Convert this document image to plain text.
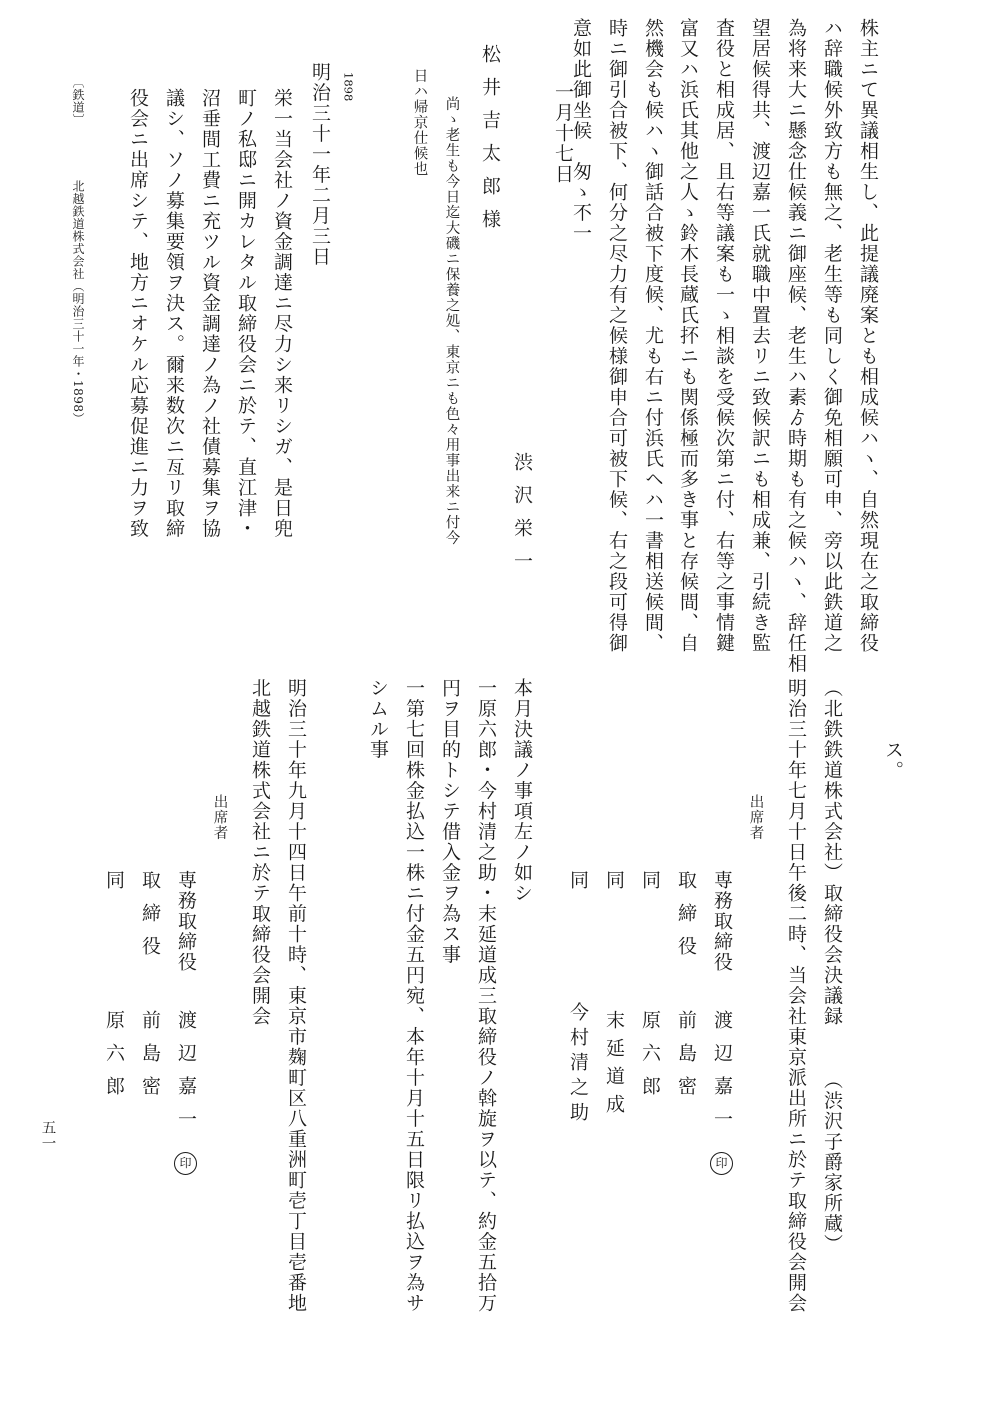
株主ニて異議相生し、此提議廃案とも相成候ハヽ、自然現在之取締役
ハ辞職候外致方も無之、老生等も同しく御免相願可申、旁以此鉄道之
為将来大ニ懸念仕候義ニ御座候、老生ハ素ゟ時期も有之候ハヽ、辞任相
望居候得共、渡辺嘉一氏就職中置去リニ致候訳ニも相成兼、引続き監
査役と相成居、且右等議案も一ゝ相談を受候次第ニ付、右等之事情鍵
富又ハ浜氏其他之人ゝ鈴木長蔵氏抔ニも関係極而多き事と存候間、自
然機会も候ハヽ御話合被下度候、尤も右ニ付浜氏ヘハ一書相送候間、
時ニ御引合被下、何分之尽力有之候様御申合可被下候、右之段可得御
意如此御坐候　匆ゝ不一
一月十七日
渋沢栄一
松井吉太郎様
尚ゝ老生も今日迄大磯ニ保養之処、東京ニも色々用事出来ニ付今
日ハ帰京仕候也
1898
明治三十一年二月三日
栄一当会社ノ資金調達ニ尽力シ来リシガ、是日兜
町ノ私邸ニ開カレタル取締役会ニ於テ、直江津・
沼垂間工費ニ充ツル資金調達ノ為ノ社債募集ヲ協
議シ、ソノ募集要領ヲ決ス。爾来数次ニ亙リ取締
役会ニ出席シテ、地方ニオケル応募促進ニ力ヲ致
〔鉄道〕
北越鉄道株式会社（明治三十一年・1898）
ス。
（北鉄鉄道株式会社）取締役会決議録
（渋沢子爵家所蔵）
明治三十年七月十日午後二時、当会社東京派出所ニ於テ取締役会開会
出席者
専務取締役
渡辺嘉一
印
取締役
前島密
同
原六郎
同
末延道成
同
今村清之助
本月決議ノ事項左ノ如シ
一原六郎・今村清之助・末延道成三取締役ノ斡旋ヲ以テ、約金五拾万
円ヲ目的トシテ借入金ヲ為ス事
一第七回株金払込一株ニ付金五円宛、本年十月十五日限リ払込ヲ為サ
シムル事
明治三十年九月十四日午前十時、東京市麹町区八重洲町壱丁目壱番地
北越鉄道株式会社ニ於テ取締役会開会
出席者
専務取締役
渡辺嘉一
印
取締役
前島密
同
原六郎
五一
